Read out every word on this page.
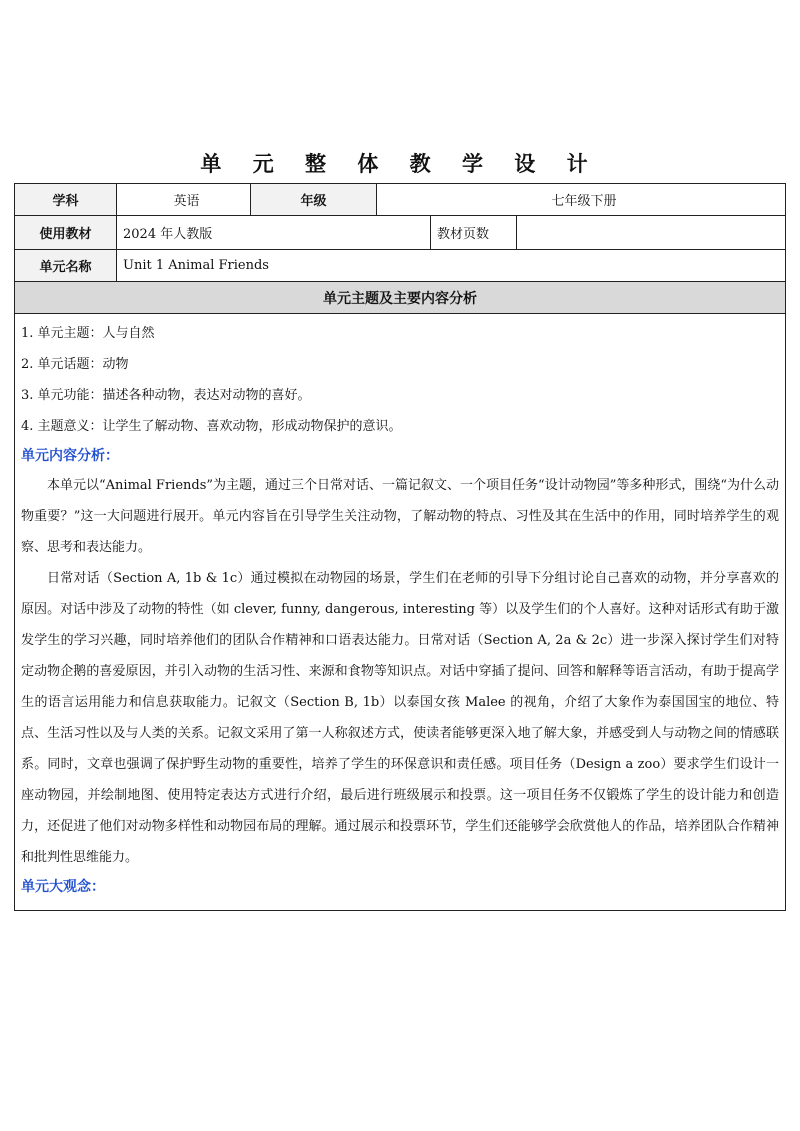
单 元 整 体 教 学 设 计
学科	英语	年级	七年级下册
使用教材	2024 年人教版	教材页数
单元名称	Unit 1 Animal Friends
单元主题及主要内容分析
1. 单元主题：人与自然
2. 单元话题：动物
3. 单元功能：描述各种动物，表达对动物的喜好。
4. 主题意义：让学生了解动物、喜欢动物，形成动物保护的意识。
单元内容分析：

本单元以“Animal Friends”为主题，通过三个日常对话、一篇记叙文、一个项目任务“设计动物园”等多种形式，围绕“为什么动物重要？”这一大问题进行展开。单元内容旨在引导学生关注动物，了解动物的特点、习性及其在生活中的作用，同时培养学生的观察、思考和表达能力。

日常对话（Section A, 1b & 1c）通过模拟在动物园的场景，学生们在老师的引导下分组讨论自己喜欢的动物，并分享喜欢的原因。对话中涉及了动物的特性（如 clever, funny, dangerous, interesting 等）以及学生们的个人喜好。这种对话形式有助于激发学生的学习兴趣，同时培养他们的团队合作精神和口语表达能力。日常对话（Section A, 2a & 2c）进一步深入探讨学生们对特定动物企鹅的喜爱原因，并引入动物的生活习性、来源和食物等知识点。对话中穿插了提问、回答和解释等语言活动，有助于提高学生的语言运用能力和信息获取能力。记叙文（Section B, 1b）以泰国女孩 Malee 的视角，介绍了大象作为泰国国宝的地位、特点、生活习性以及与人类的关系。记叙文采用了第一人称叙述方式，使读者能够更深入地了解大象，并感受到人与动物之间的情感联系。同时，文章也强调了保护野生动物的重要性，培养了学生的环保意识和责任感。项目任务（Design a zoo）要求学生们设计一座动物园，并绘制地图、使用特定表达方式进行介绍，最后进行班级展示和投票。这一项目任务不仅锻炼了学生的设计能力和创造力，还促进了他们对动物多样性和动物园布局的理解。通过展示和投票环节，学生们还能够学会欣赏他人的作品，培养团队合作精神和批判性思维能力。

单元大观念：
